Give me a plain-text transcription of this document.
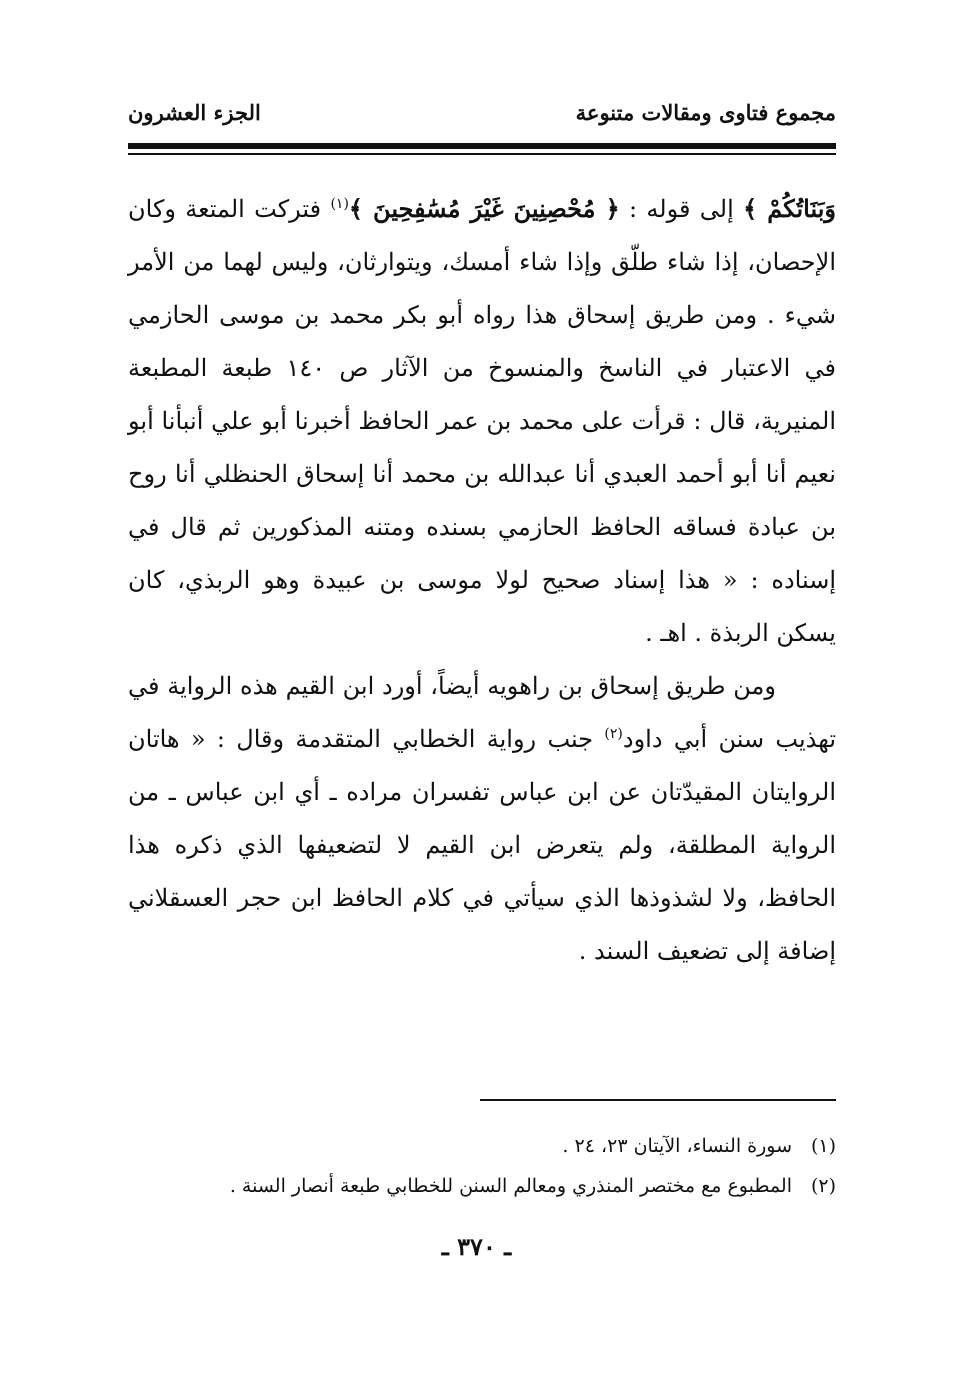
مجموع فتاوى ومقالات متنوعة
الجزء العشرون

وَبَنَاتُكُمْ ﴾ إلى قوله : ﴿ مُحْصِنِينَ غَيْرَ مُسَٰفِحِينَ ﴾$^{(١)}$ فتركت المتعة وكان الإحصان، إذا شاء طلّق وإذا شاء أمسك، ويتوارثان، وليس لهما من الأمر شيء . ومن طريق إسحاق هذا رواه أبو بكر محمد بن موسى الحازمي في الاعتبار في الناسخ والمنسوخ من الآثار ص ١٤٠ طبعة المطبعة المنيرية، قال : قرأت على محمد بن عمر الحافظ أخبرنا أبو علي أنبأنا أبو نعيم أنا أبو أحمد العبدي أنا عبدالله بن محمد أنا إسحاق الحنظلي أنا روح بن عبادة فساقه الحافظ الحازمي بسنده ومتنه المذكورين ثم قال في إسناده : « هذا إسناد صحيح لولا موسى بن عبيدة وهو الربذي، كان يسكن الربذة . اهـ .

ومن طريق إسحاق بن راهويه أيضاً، أورد ابن القيم هذه الرواية في تهذيب سنن أبي داود$^{(٢)}$ جنب رواية الخطابي المتقدمة وقال : « هاتان الروايتان المقيدّتان عن ابن عباس تفسران مراده ـ أي ابن عباس ـ من الرواية المطلقة، ولم يتعرض ابن القيم لا لتضعيفها الذي ذكره هذا الحافظ، ولا لشذوذها الذي سيأتي في كلام الحافظ ابن حجر العسقلاني إضافة إلى تضعيف السند .

(١)سورة النساء، الآيتان ٢٣، ٢٤ .

(٢)المطبوع مع مختصر المنذري ومعالم السنن للخطابي طبعة أنصار السنة .

ـ ٣٧٠ ـ
